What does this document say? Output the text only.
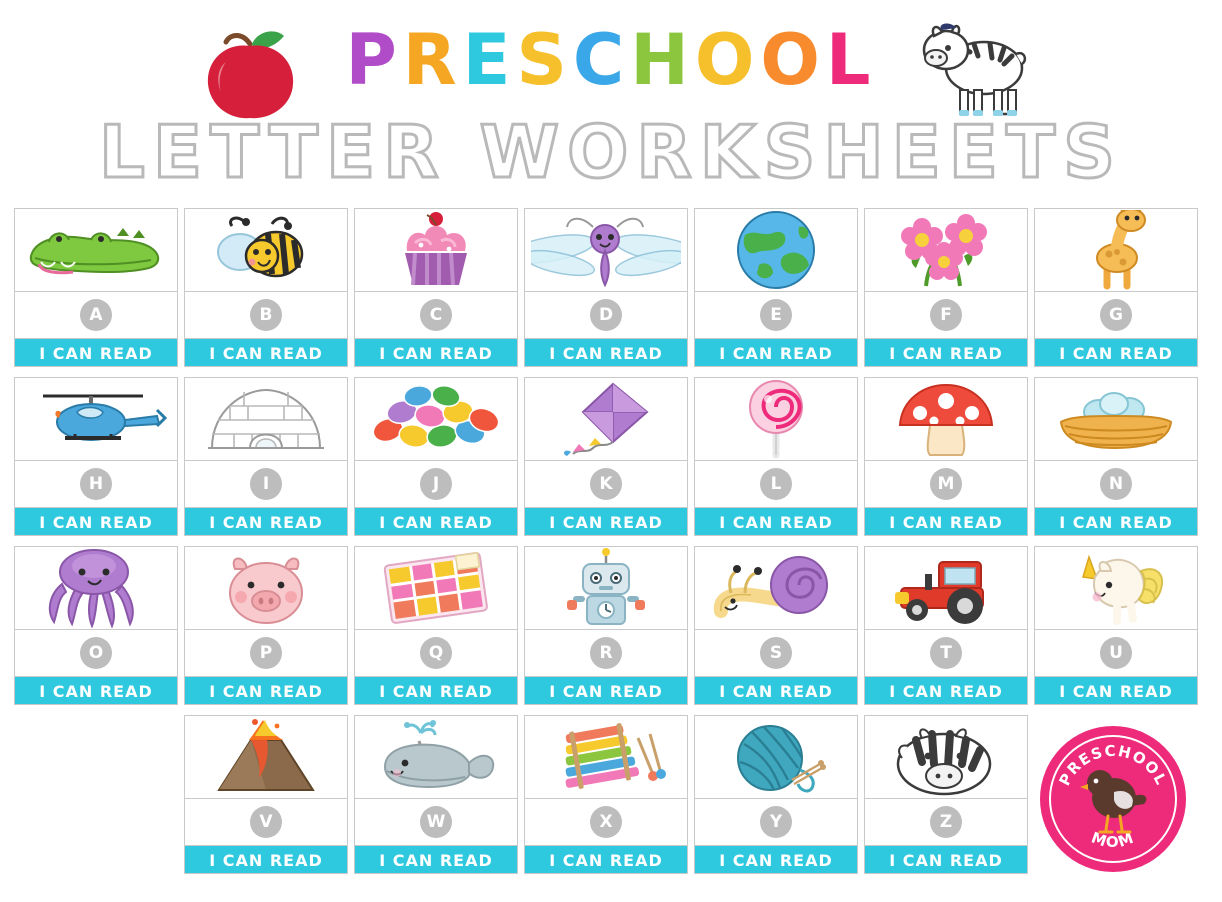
PRESCHOOL
LETTER WORKSHEETS
A
I CAN READ
B
I CAN READ
C
I CAN READ
D
I CAN READ
E
I CAN READ
F
I CAN READ
G
I CAN READ
H
I CAN READ
I
I CAN READ
J
I CAN READ
K
I CAN READ
L
I CAN READ
M
I CAN READ
N
I CAN READ
O
I CAN READ
P
I CAN READ
Q
I CAN READ
R
I CAN READ
S
I CAN READ
T
I CAN READ
U
I CAN READ
V
I CAN READ
W
I CAN READ
X
I CAN READ
Y
I CAN READ
Z
I CAN READ
PRESCHOOL
MOM
